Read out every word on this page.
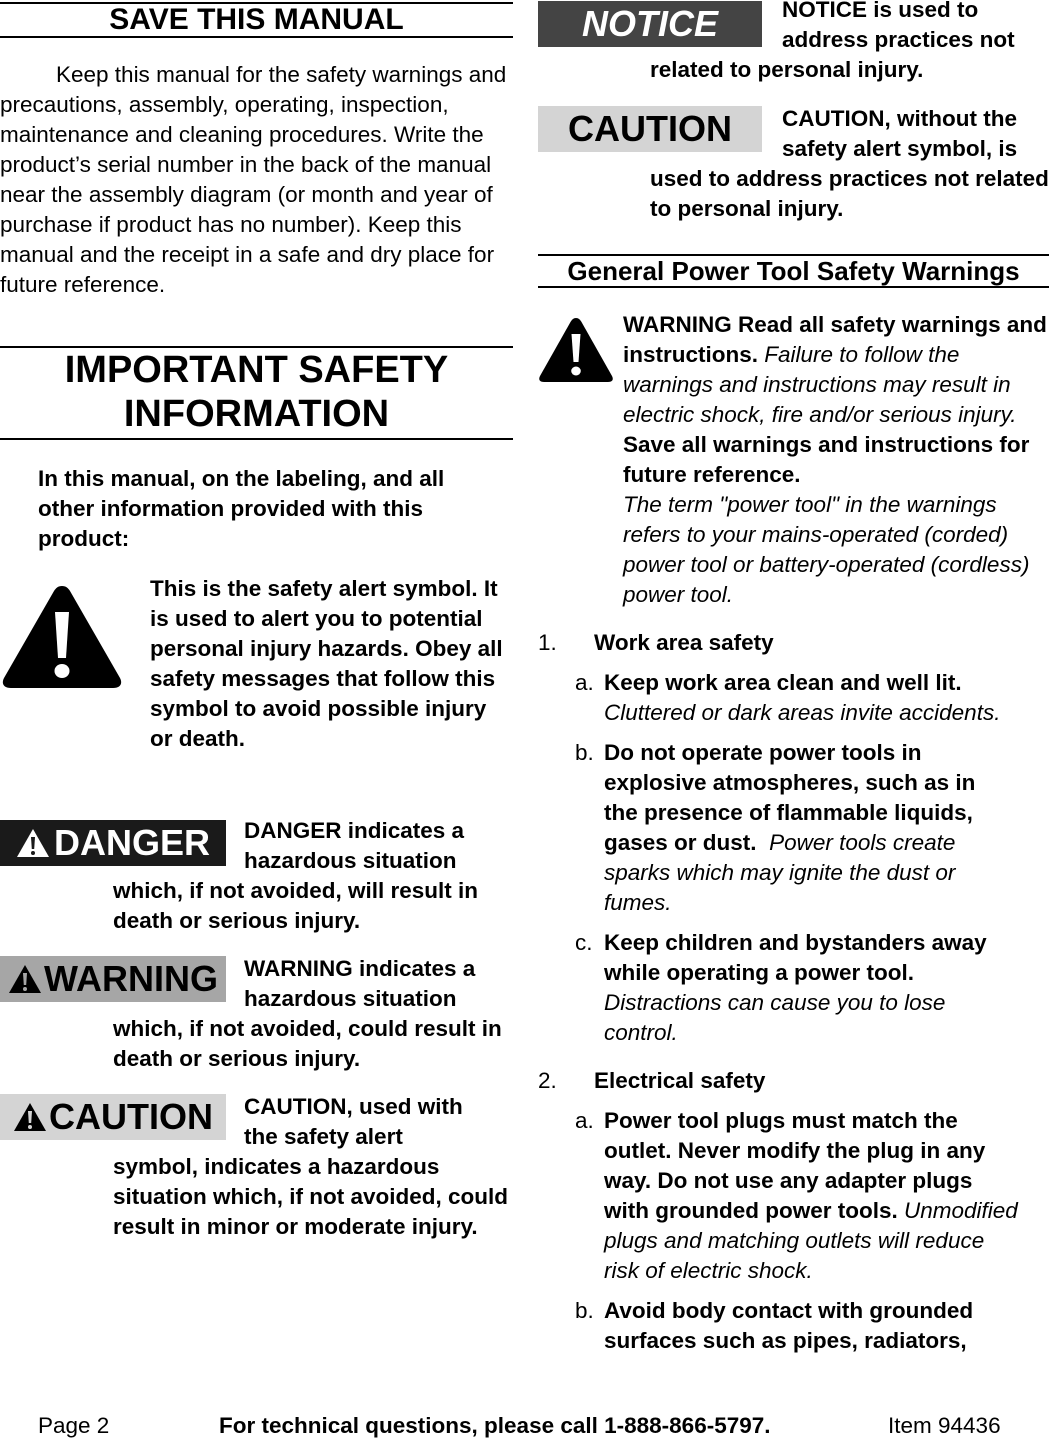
SAVE THIS MANUAL

Keep this manual for the safety warnings and precautions, assembly, operating, inspection, maintenance and cleaning procedures. Write the product’s serial number in the back of the manual near the assembly diagram (or month and year of purchase if product has no number). Keep this manual and the receipt in a safe and dry place for future reference.

IMPORTANT SAFETY
INFORMATION

In this manual, on the labeling, and all other information provided with this product:

This is the safety alert symbol. It is used to alert you to potential personal injury hazards. Obey all safety messages that follow this symbol to avoid possible injury or death.
DANGER	DANGER indicates a
hazardous situation
which, if not avoided, will result in death or serious injury.
WARNING	WARNING indicates a
hazardous situation
which, if not avoided, could result in death or serious injury.
CAUTION	CAUTION, used with
the safety alert
symbol, indicates a hazardous situation which, if not avoided, could result in minor or moderate injury.
NOTICE	NOTICE is used to
address practices not
related to personal injury.
CAUTION	CAUTION, without the
safety alert symbol, is
used to address practices not related to personal injury.
General Power Tool Safety Warnings
WARNING Read all safety warnings and instructions. Failure to follow the warnings and instructions may result in electric shock, fire and/or serious injury.
Save all warnings and instructions for future reference.
The term "power tool" in the warnings refers to your mains-operated (corded) power tool or battery-operated (cordless) power tool.
1.	Work area safety
a. Keep work area clean and well lit.
Cluttered or dark areas invite accidents.
b. Do not operate power tools in explosive atmospheres, such as in the presence of flammable liquids, gases or dust. Power tools create sparks which may ignite the dust or fumes.
c. Keep children and bystanders away while operating a power tool. Distractions can cause you to lose control.
2.	Electrical safety
a. Power tool plugs must match the outlet. Never modify the plug in any way. Do not use any adapter plugs with grounded power tools. Unmodified plugs and matching outlets will reduce risk of electric shock.
b. Avoid body contact with grounded surfaces such as pipes, radiators,
Page 2	For technical questions, please call 1-888-866-5797.	Item 94436
